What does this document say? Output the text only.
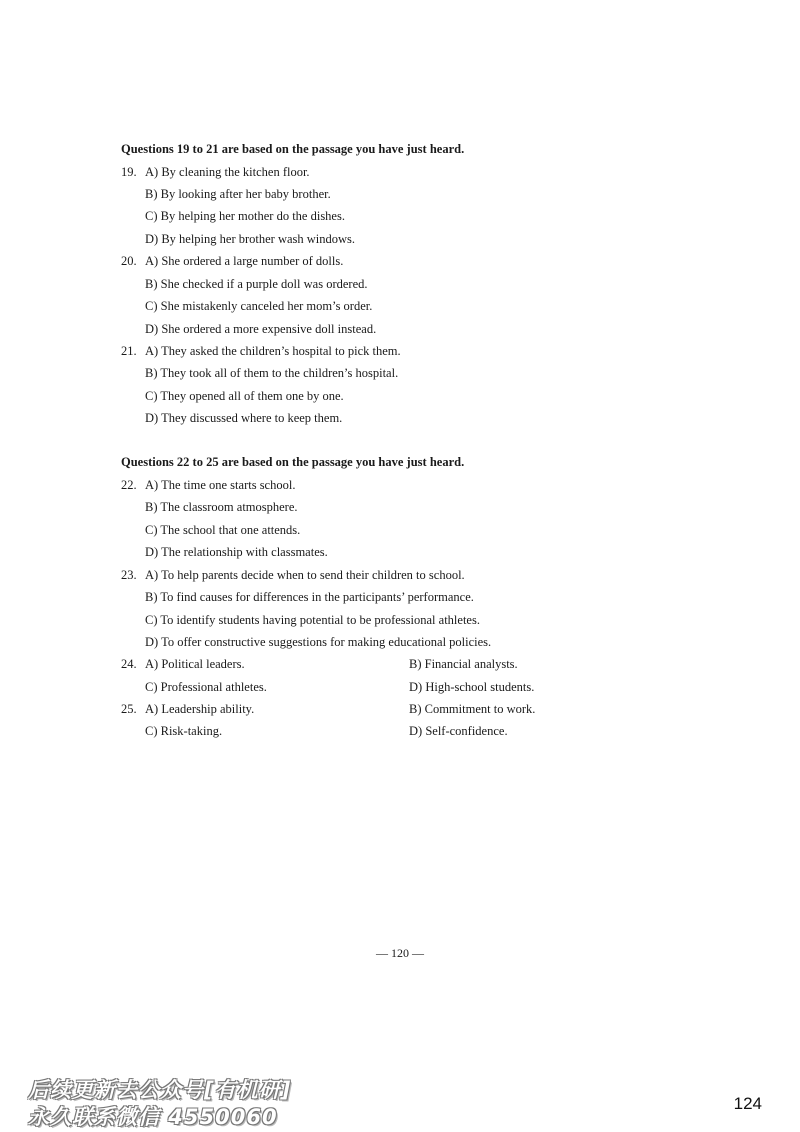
Questions 19 to 21 are based on the passage you have just heard.
19. A) By cleaning the kitchen floor.
B) By looking after her baby brother.
C) By helping her mother do the dishes.
D) By helping her brother wash windows.
20. A) She ordered a large number of dolls.
B) She checked if a purple doll was ordered.
C) She mistakenly canceled her mom’s order.
D) She ordered a more expensive doll instead.
21. A) They asked the children’s hospital to pick them.
B) They took all of them to the children’s hospital.
C) They opened all of them one by one.
D) They discussed where to keep them.
Questions 22 to 25 are based on the passage you have just heard.
22. A) The time one starts school.
B) The classroom atmosphere.
C) The school that one attends.
D) The relationship with classmates.
23. A) To help parents decide when to send their children to school.
B) To find causes for differences in the participants’ performance.
C) To identify students having potential to be professional athletes.
D) To offer constructive suggestions for making educational policies.
24. A) Political leaders.	B) Financial analysts.
C) Professional athletes.	D) High-school students.
25. A) Leadership ability.	B) Commitment to work.
C) Risk-taking.	D) Self-confidence.
— 120 —
后续更新去公众号[有机研]
永久联系微信 4550060
124
